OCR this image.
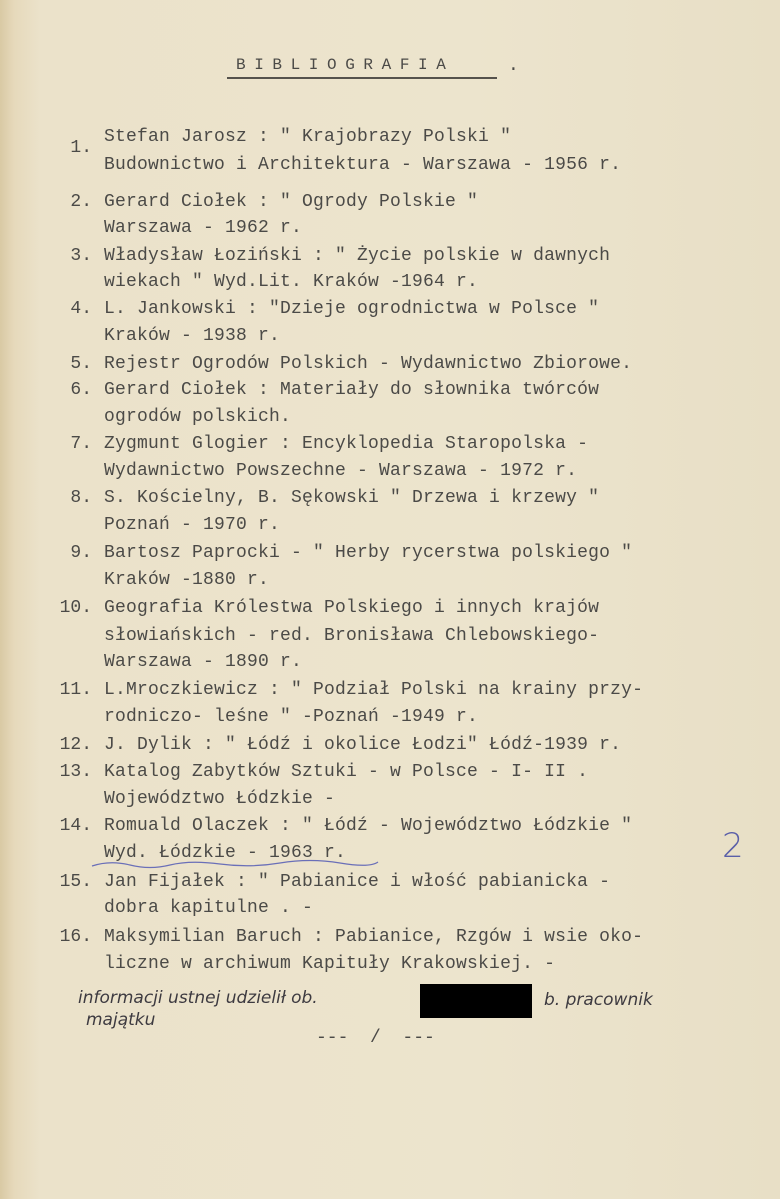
BIBLIOGRAFIA	.
1.
Stefan Jarosz : " Krajobrazy Polski "
Budownictwo i Architektura - Warszawa - 1956 r.
2. Gerard Ciołek : " Ogrody Polskie "
Warszawa - 1962 r.
3. Władysław Łoziński : " Życie polskie w dawnych
wiekach " Wyd.Lit. Kraków -1964 r.
4. L. Jankowski : "Dzieje ogrodnictwa w Polsce "
Kraków - 1938 r.
5. Rejestr Ogrodów Polskich - Wydawnictwo Zbiorowe.
6. Gerard Ciołek : Materiały do słownika twórców
ogrodów polskich.
7. Zygmunt Glogier : Encyklopedia Staropolska -
Wydawnictwo Powszechne - Warszawa - 1972 r.
8. S. Kościelny, B. Sękowski " Drzewa i krzewy "
Poznań - 1970 r.
9. Bartosz Paprocki - " Herby rycerstwa polskiego "
Kraków -1880 r.
10. Geografia Królestwa Polskiego i innych krajów
słowiańskich - red. Bronisława Chlebowskiego-
Warszawa - 1890 r.
11. L.Mroczkiewicz : " Podział Polski na krainy przy-
rodniczo- leśne " -Poznań -1949 r.
12. J. Dylik : " Łódź i okolice Łodzi" Łódź-1939 r.
13. Katalog Zabytków Sztuki - w Polsce - I- II .
Województwo Łódzkie -
14. Romuald Olaczek : " Łódź - Województwo Łódzkie "
Wyd. Łódzkie - 1963 r.
15. Jan Fijałek : " Pabianice i włość pabianicka -
dobra kapitulne . -
16. Maksymilian Baruch : Pabianice, Rzgów i wsie oko-
liczne w archiwum Kapituły Krakowskiej. -
2
informacji ustnej udzielił ob.	b. pracownik
majątku
---  /  ---
